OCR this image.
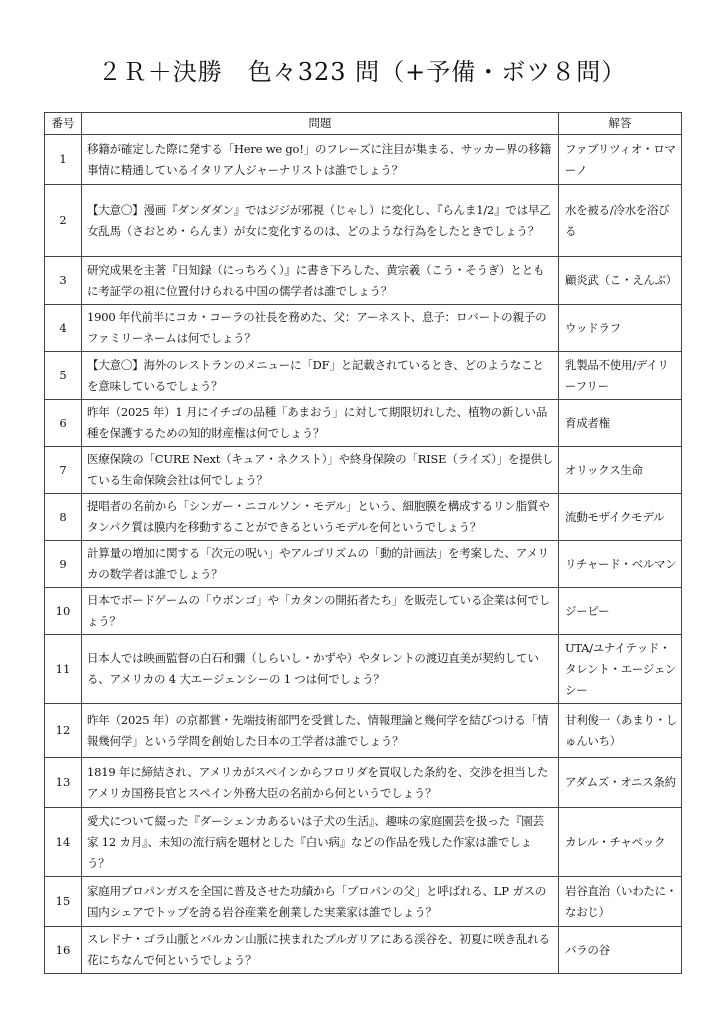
２Ｒ＋決勝　色々323 問（+予備・ボツ８問）
番号	問題	解答
1	移籍が確定した際に発する「Here we go!」のフレーズに注目が集まる、サッカー界の移籍事情に精通しているイタリア人ジャーナリストは誰でしょう？	ファブリツィオ・ロマーノ
2	【大意〇】漫画『ダンダダン』ではジジが邪視（じゃし）に変化し、『らんま1/2』では早乙女乱馬（さおとめ・らんま）が女に変化するのは、どのような行為をしたときでしょう？	水を被る/冷水を浴びる
3	研究成果を主著『日知録（にっちろく）』に書き下ろした、黄宗羲（こう・そうぎ）とともに考証学の祖に位置付けられる中国の儒学者は誰でしょう？	顧炎武（こ・えんぶ）
4	1900 年代前半にコカ・コーラの社長を務めた、父：アーネスト、息子：ロバートの親子のファミリーネームは何でしょう？	ウッドラフ
5	【大意〇】海外のレストランのメニューに「DF」と記載されているとき、どのようなことを意味しているでしょう？	乳製品不使用/デイリーフリー
6	昨年（2025 年）1 月にイチゴの品種「あまおう」に対して期限切れした、植物の新しい品種を保護するための知的財産権は何でしょう？	育成者権
7	医療保険の「CURE Next（キュア・ネクスト）」や終身保険の「RISE（ライズ）」を提供している生命保険会社は何でしょう？	オリックス生命
8	提唱者の名前から「シンガー・ニコルソン・モデル」という、細胞膜を構成するリン脂質やタンパク質は膜内を移動することができるというモデルを何というでしょう？	流動モザイクモデル
9	計算量の増加に関する「次元の呪い」やアルゴリズムの「動的計画法」を考案した、アメリカの数学者は誰でしょう？	リチャード・ベルマン
10	日本でボードゲームの「ウボンゴ」や「カタンの開拓者たち」を販売している企業は何でしょう？	ジーピー
11	日本人では映画監督の白石和彌（しらいし・かずや）やタレントの渡辺直美が契約している、アメリカの 4 大エージェンシーの 1 つは何でしょう？	UTA/ユナイテッド・タレント・エージェンシー
12	昨年（2025 年）の京都賞・先端技術部門を受賞した、情報理論と幾何学を結びつける「情報幾何学」という学問を創始した日本の工学者は誰でしょう？	甘利俊一（あまり・しゅんいち）
13	1819 年に締結され、アメリカがスペインからフロリダを買収した条約を、交渉を担当したアメリカ国務長官とスペイン外務大臣の名前から何というでしょう？	アダムズ・オニス条約
14	愛犬について綴った『ダーシェンカあるいは子犬の生活』、趣味の家庭園芸を扱った『園芸家 12 カ月』、未知の流行病を題材とした『白い病』などの作品を残した作家は誰でしょう？	カレル・チャペック
15	家庭用プロパンガスを全国に普及させた功績から「プロパンの父」と呼ばれる、LP ガスの国内シェアでトップを誇る岩谷産業を創業した実業家は誰でしょう？	岩谷直治（いわたに・なおじ）
16	スレドナ・ゴラ山脈とバルカン山脈に挟まれたブルガリアにある渓谷を、初夏に咲き乱れる花にちなんで何というでしょう？	バラの谷
